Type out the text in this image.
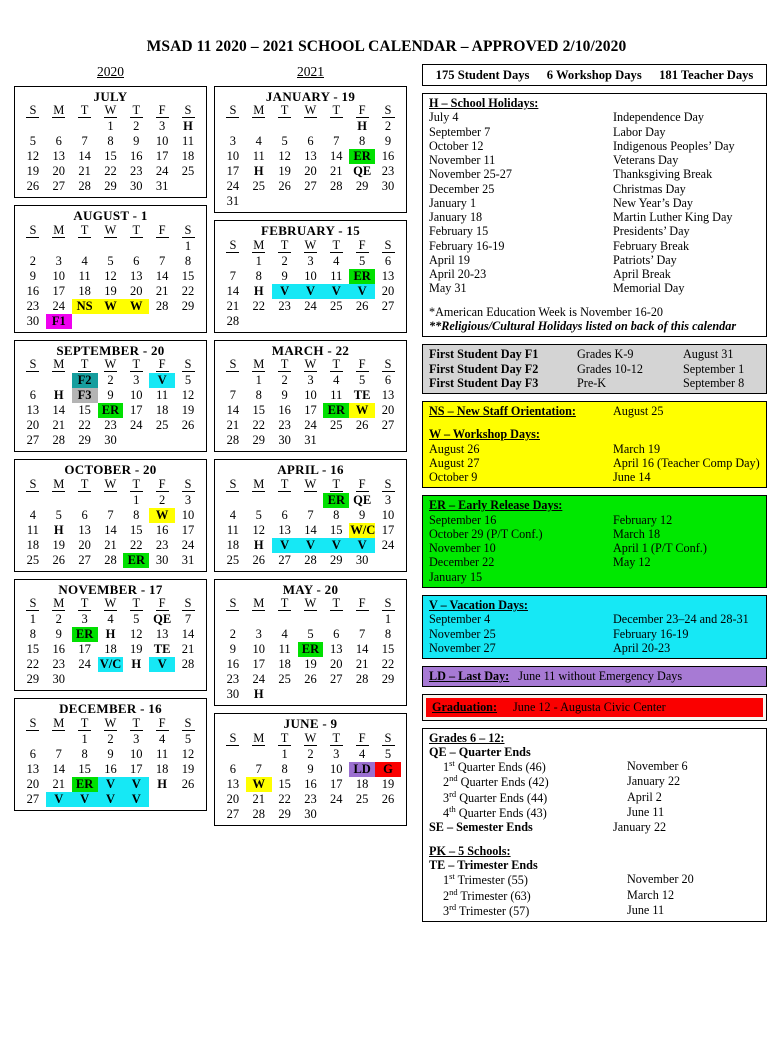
MSAD 11 2020 – 2021 SCHOOL CALENDAR – APPROVED 2/10/2020
2020
JULY
S	M	T	W	T	F	S
			1	2	3	H
5	6	7	8	9	10	11
12	13	14	15	16	17	18
19	20	21	22	23	24	25
26	27	28	29	30	31	
AUGUST - 1
S	M	T	W	T	F	S
						1
2	3	4	5	6	7	8
9	10	11	12	13	14	15
16	17	18	19	20	21	22
23	24	NS	W	W	28	29
30	F1					
SEPTEMBER - 20
S	M	T	W	T	F	S
		F2	2	3	V	5
6	H	F3	9	10	11	12
13	14	15	ER	17	18	19
20	21	22	23	24	25	26
27	28	29	30			
OCTOBER - 20
S	M	T	W	T	F	S
				1	2	3
4	5	6	7	8	W	10
11	H	13	14	15	16	17
18	19	20	21	22	23	24
25	26	27	28	ER	30	31
NOVEMBER - 17
S	M	T	W	T	F	S
1	2	3	4	5	QE	7
8	9	ER	H	12	13	14
15	16	17	18	19	TE	21
22	23	24	V/C	H	V	28
29	30					
DECEMBER - 16
S	M	T	W	T	F	S
		1	2	3	4	5
6	7	8	9	10	11	12
13	14	15	16	17	18	19
20	21	ER	V	V	H	26
27	V	V	V	V		
2021
JANUARY - 19
S	M	T	W	T	F	S
					H	2
3	4	5	6	7	8	9
10	11	12	13	14	ER	16
17	H	19	20	21	QE	23
24	25	26	27	28	29	30
31						
FEBRUARY - 15
S	M	T	W	T	F	S
	1	2	3	4	5	6
7	8	9	10	11	ER	13
14	H	V	V	V	V	20
21	22	23	24	25	26	27
28						
MARCH - 22
S	M	T	W	T	F	S
	1	2	3	4	5	6
7	8	9	10	11	TE	13
14	15	16	17	ER	W	20
21	22	23	24	25	26	27
28	29	30	31			
APRIL - 16
S	M	T	W	T	F	S
				ER	QE	3
4	5	6	7	8	9	10
11	12	13	14	15	W/C	17
18	H	V	V	V	V	24
25	26	27	28	29	30	
MAY - 20
S	M	T	W	T	F	S
						1
2	3	4	5	6	7	8
9	10	11	ER	13	14	15
16	17	18	19	20	21	22
23	24	25	26	27	28	29
30	H					
JUNE - 9
S	M	T	W	T	F	S
		1	2	3	4	5
6	7	8	9	10	LD	G
13	W	15	16	17	18	19
20	21	22	23	24	25	26
27	28	29	30			
175 Student Days 6 Workshop Days 181 Teacher Days
H – School Holidays:
July 4	Independence Day
September 7	Labor Day
October 12	Indigenous Peoples’ Day
November 11	Veterans Day
November 25-27	Thanksgiving Break
December 25	Christmas Day
January 1	New Year’s Day
January 18	Martin Luther King Day
February 15	Presidents’ Day
February 16-19	February Break
April 19	Patriots’ Day
April 20-23	April Break
May 31	Memorial Day
*American Education Week is November 16-20
**Religious/Cultural Holidays listed on back of this calendar
First Student Day F1	Grades K-9	August 31
First Student Day F2	Grades 10-12	September 1
First Student Day F3	Pre-K	September 8
NS – New Staff Orientation:	August 25
W – Workshop Days:
August 26	March 19
August 27	April 16 (Teacher Comp Day)
October 9	June 14
ER – Early Release Days:
September 16	February 12
October 29 (P/T Conf.)	March 18
November 10	April 1 (P/T Conf.)
December 22	May 12
January 15
V – Vacation Days:
September 4	December 23–24 and 28-31
November 25	February 16-19
November 27	April 20-23
LD – Last Day: June 11 without Emergency Days
Graduation: June 12 - Augusta Civic Center
Grades 6 – 12:
QE – Quarter Ends
1st Quarter Ends (46)	November 6
2nd Quarter Ends (42)	January 22
3rd Quarter Ends (44)	April 2
4th Quarter Ends (43)	June 11
SE – Semester Ends	January 22
PK – 5 Schools:
TE – Trimester Ends
1st Trimester (55)	November 20
2nd Trimester (63)	March 12
3rd Trimester (57)	June 11
